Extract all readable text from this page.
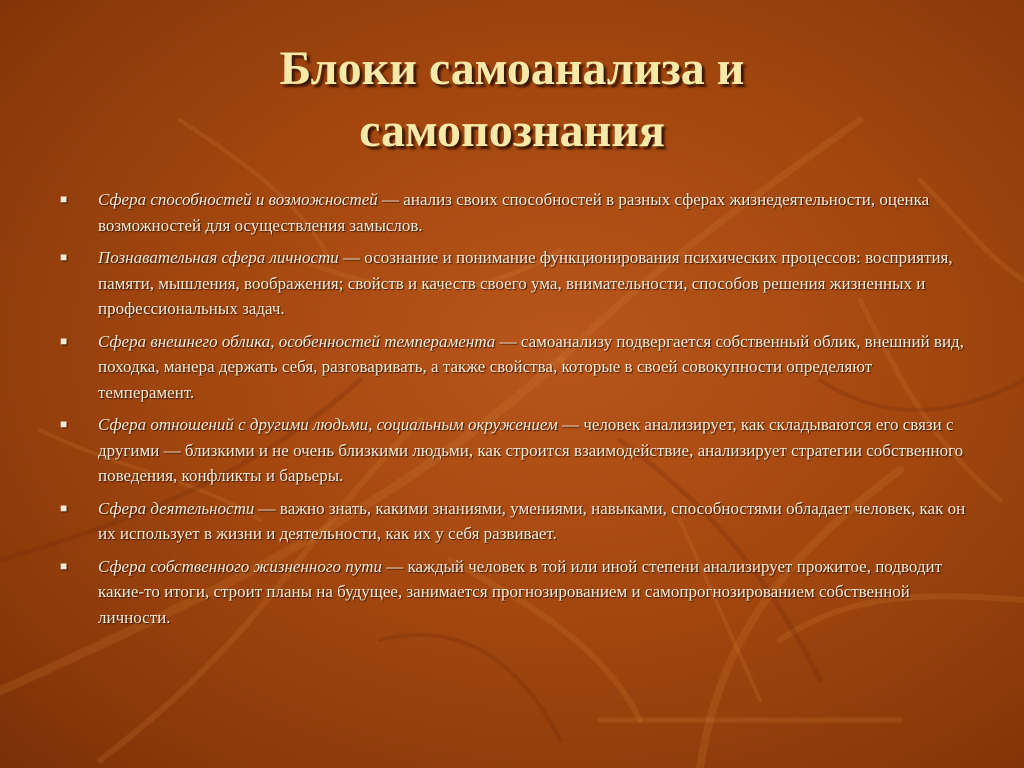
Блоки самоанализа и
самопознания
■ Сфера способностей и возможностей — анализ своих способностей в разных сферах жизнедеятельности, оценка возможностей для осуществления замыслов.
■ Познавательная сфера личности — осознание и понимание функционирования психических процессов: восприятия, памяти, мышления, воображения; свойств и качеств своего ума, внимательности, способов решения жизненных и профессиональных задач.
■ Сфера внешнего облика, особенностей темперамента — самоанализу подвергается собственный облик, внешний вид, походка, манера держать себя, разговаривать, а также свойства, которые в своей совокупности определяют темперамент.
■ Сфера отношений с другими людьми, социальным окружением — человек анализирует, как складываются его связи с другими — близкими и не очень близкими людьми, как строится взаимодействие, анализирует стратегии собственного поведения, конфликты и барьеры.
■ Сфера деятельности — важно знать, какими знаниями, умениями, навыками, способностями обладает человек, как он их использует в жизни и деятельности, как их у себя развивает.
■ Сфера собственного жизненного пути — каждый человек в той или иной степени анализирует прожитое, подводит какие-то итоги, строит планы на будущее, занимается прогнозированием и самопрогнозированием собственной личности.
